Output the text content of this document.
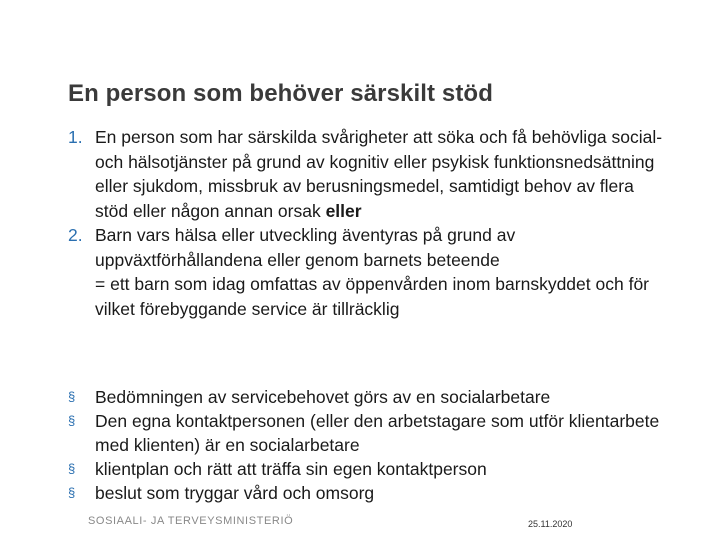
En person som behöver särskilt stöd
1. En person som har särskilda svårigheter att söka och få behövliga social- och hälsotjänster på grund av kognitiv eller psykisk funktionsnedsättning eller sjukdom, missbruk av berusningsmedel, samtidigt behov av flera stöd eller någon annan orsak eller
2. Barn vars hälsa eller utveckling äventyras på grund av uppväxtförhållandena eller genom barnets beteende
= ett barn som idag omfattas av öppenvården inom barnskyddet och för vilket förebyggande service är tillräcklig
§ Bedömningen av servicebehovet görs av en socialarbetare
§ Den egna kontaktpersonen (eller den arbetstagare som utför klientarbete med klienten) är en socialarbetare
§ klientplan och rätt att träffa sin egen kontaktperson
§ beslut som tryggar vård och omsorg
SOSIAALI- JA TERVEYSMINISTERIÖ	25.11.2020
